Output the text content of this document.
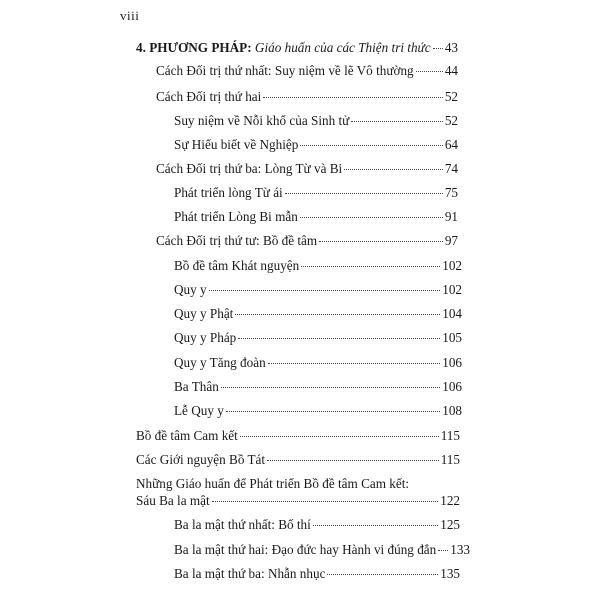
viii
4. PHƯƠNG PHÁP: Giáo huấn của các Thiện tri thức 43
Cách Đối trị thứ nhất: Suy niệm về lẽ Vô thường 44
Cách Đối trị thứ hai	52
Suy niệm về Nỗi khổ của Sinh tử	52
Sự Hiểu biết về Nghiệp	64
Cách Đối trị thứ ba: Lòng Từ và Bi	74
Phát triển lòng Từ ái	75
Phát triển Lòng Bi mẫn	91
Cách Đối trị thứ tư: Bồ đề tâm	97
Bồ đề tâm Khát nguyện	102
Quy y	102
Quy y Phật	104
Quy y Pháp	105
Quy y Tăng đoàn	106
Ba Thân	106
Lễ Quy y	108
Bồ đề tâm Cam kết	115
Các Giới nguyện Bồ Tát	115
Những Giáo huấn để Phát triển Bồ đề tâm Cam kết:
Sáu Ba la mật	122
Ba la mật thứ nhất: Bố thí	125
Ba la mật thứ hai: Đạo đức hay Hành vi đúng đắn 133
Ba la mật thứ ba: Nhẫn nhục	135
